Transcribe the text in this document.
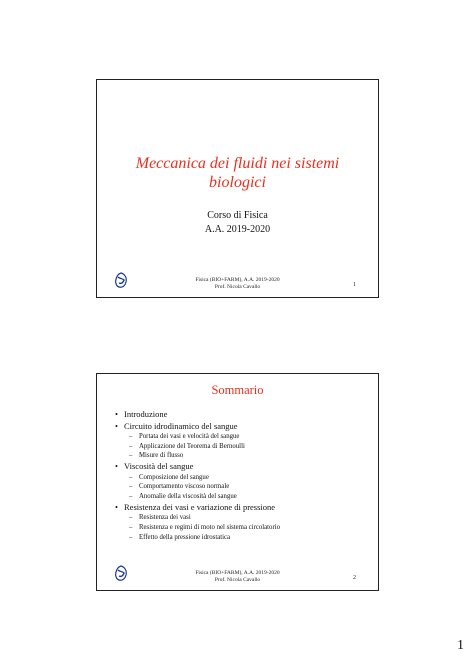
Meccanica dei fluidi nei sistemi
biologici
Corso di Fisica
A.A. 2019-2020
Fisica (BIO+FARM), A.A. 2019-2020
Prof. Nicola Cavallo	1
Sommario
• Introduzione
• Circuito idrodinamico del sangue
– Portata dei vasi e velocità del sangue
– Applicazione del Teorema di Bernoulli
– Misure di flusso
• Viscosità del sangue
– Composizione del sangue
– Comportamento viscoso normale
– Anomalie della viscosità del sangue
• Resistenza dei vasi e variazione di pressione
– Resistenza dei vasi
– Resistenza e regimi di moto nel sistema circolatorio
– Effetto della pressione idrostatica
Fisica (BIO+FARM), A.A. 2019-2020
Prof. Nicola Cavallo	2
1
